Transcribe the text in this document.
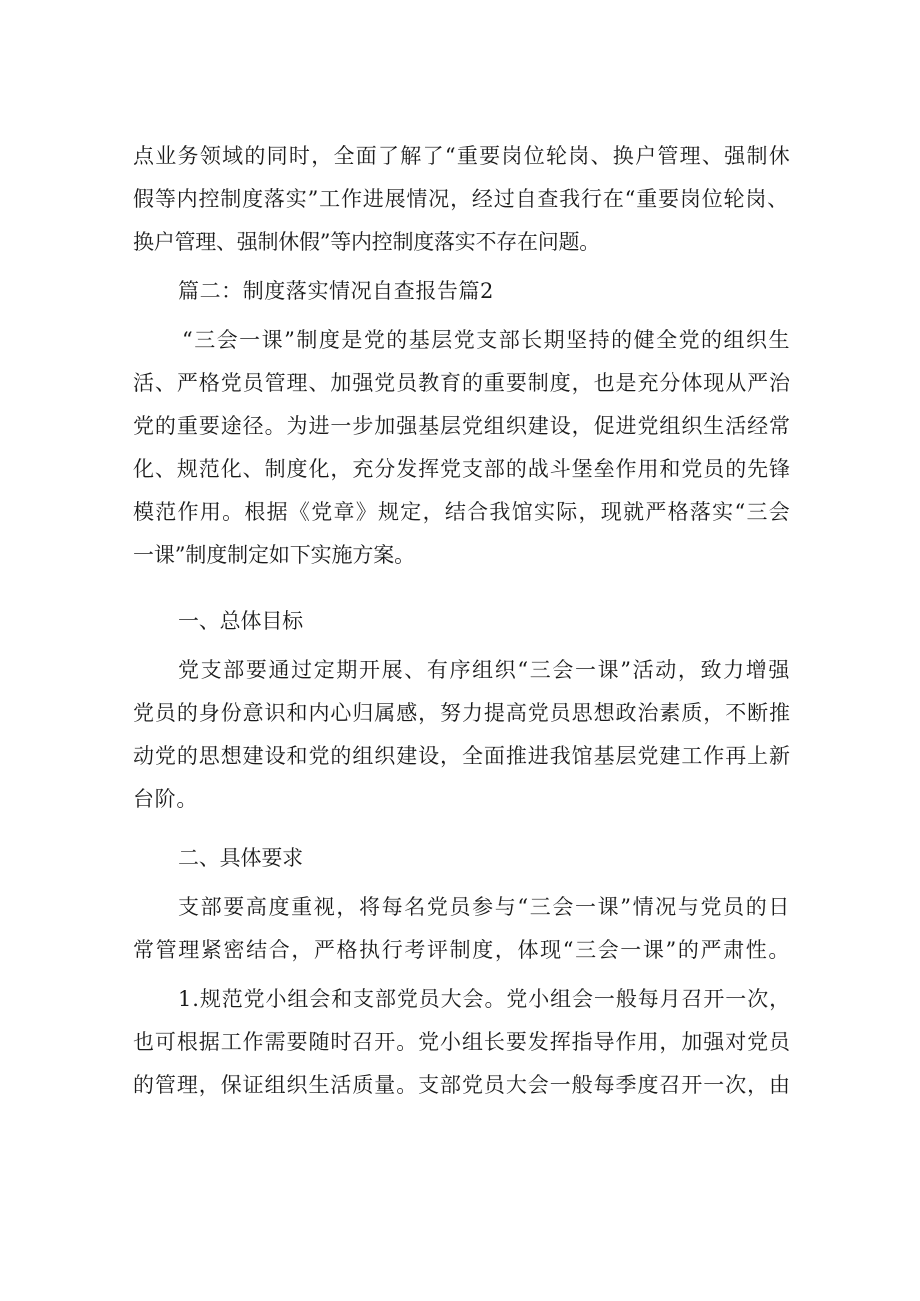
点业务领域的同时，全面了解了“重要岗位轮岗、换户管理、强制休
假等内控制度落实”工作进展情况，经过自查我行在“重要岗位轮岗、
换户管理、强制休假”等内控制度落实不存在问题。
篇二：制度落实情况自查报告篇2
“三会一课”制度是党的基层党支部长期坚持的健全党的组织生
活、严格党员管理、加强党员教育的重要制度，也是充分体现从严治
党的重要途径。为进一步加强基层党组织建设，促进党组织生活经常
化、规范化、制度化，充分发挥党支部的战斗堡垒作用和党员的先锋
模范作用。根据《党章》规定，结合我馆实际，现就严格落实“三会
一课”制度制定如下实施方案。
一、总体目标
党支部要通过定期开展、有序组织“三会一课”活动，致力增强
党员的身份意识和内心归属感，努力提高党员思想政治素质，不断推
动党的思想建设和党的组织建设，全面推进我馆基层党建工作再上新
台阶。
二、具体要求
支部要高度重视，将每名党员参与“三会一课”情况与党员的日
常管理紧密结合，严格执行考评制度，体现“三会一课”的严肃性。
1.规范党小组会和支部党员大会。党小组会一般每月召开一次，
也可根据工作需要随时召开。党小组长要发挥指导作用，加强对党员
的管理，保证组织生活质量。支部党员大会一般每季度召开一次，由
